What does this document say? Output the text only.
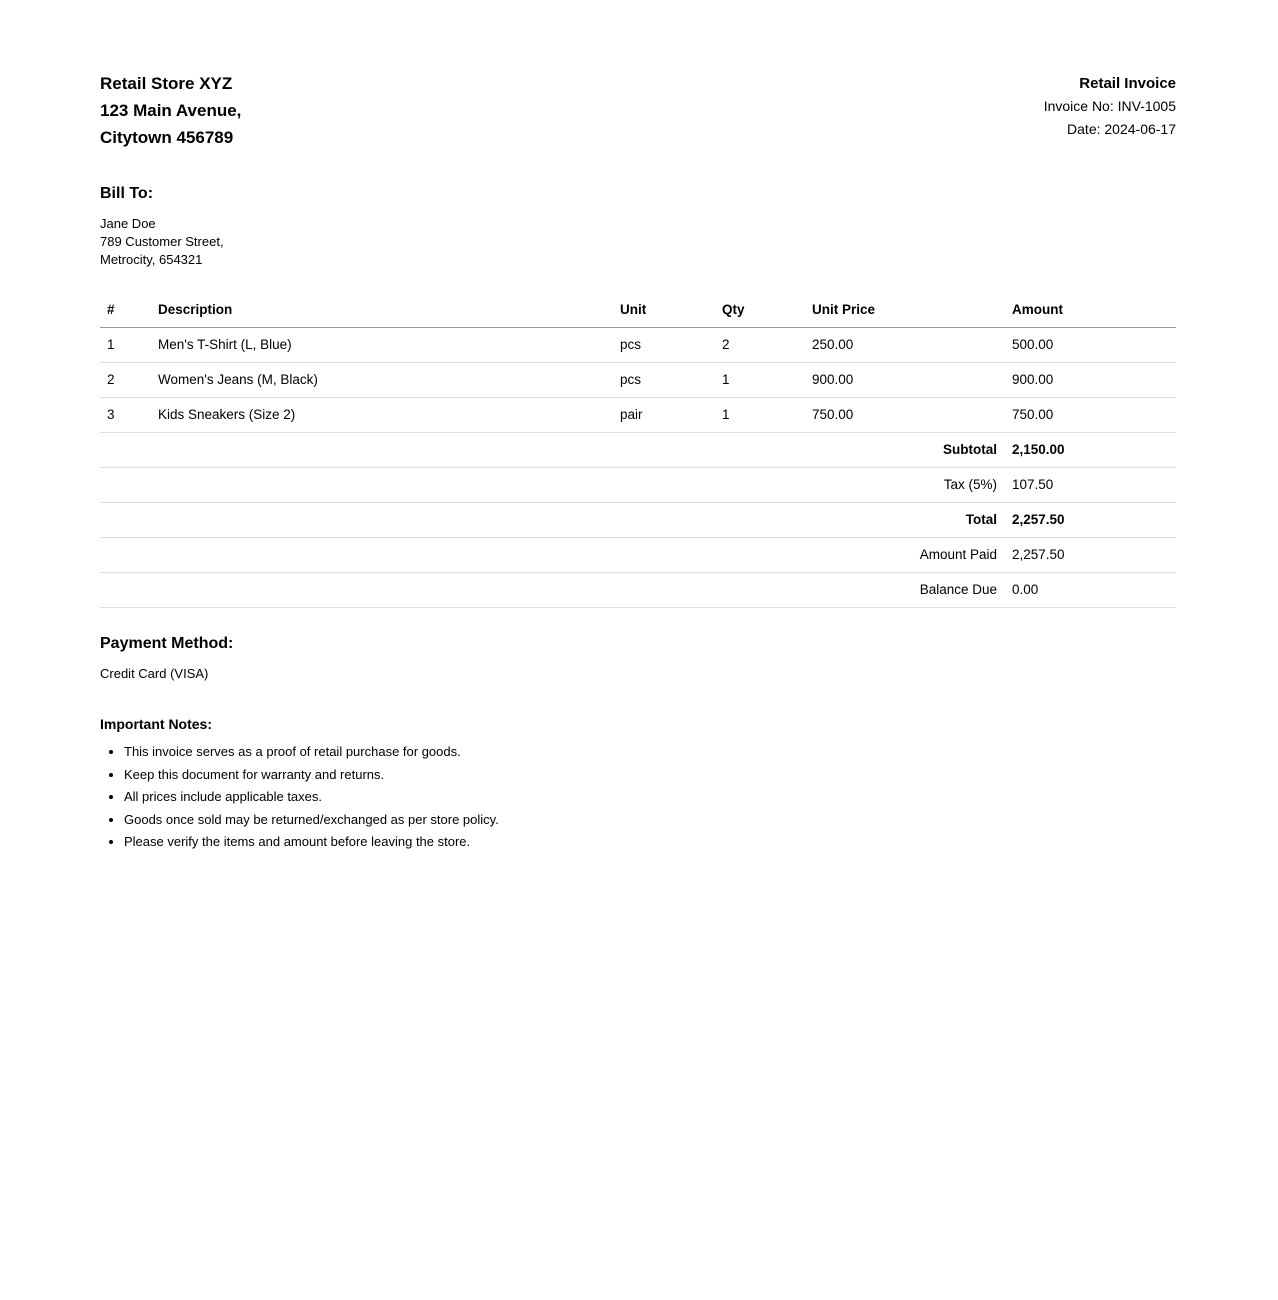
Retail Store XYZ
123 Main Avenue,
Citytown 456789
Retail Invoice
Invoice No: INV-1005
Date: 2024-06-17
Bill To:
Jane Doe
789 Customer Street,
Metrocity, 654321
#	Description	Unit	Qty	Unit Price	Amount
1	Men's T-Shirt (L, Blue)	pcs	2	250.00	500.00
2	Women's Jeans (M, Black)	pcs	1	900.00	900.00
3	Kids Sneakers (Size 2)	pair	1	750.00	750.00
Subtotal	2,150.00
Tax (5%)	107.50
Total	2,257.50
Amount Paid	2,257.50
Balance Due	0.00
Payment Method:
Credit Card (VISA)
Important Notes:
• This invoice serves as a proof of retail purchase for goods.
• Keep this document for warranty and returns.
• All prices include applicable taxes.
• Goods once sold may be returned/exchanged as per store policy.
• Please verify the items and amount before leaving the store.
